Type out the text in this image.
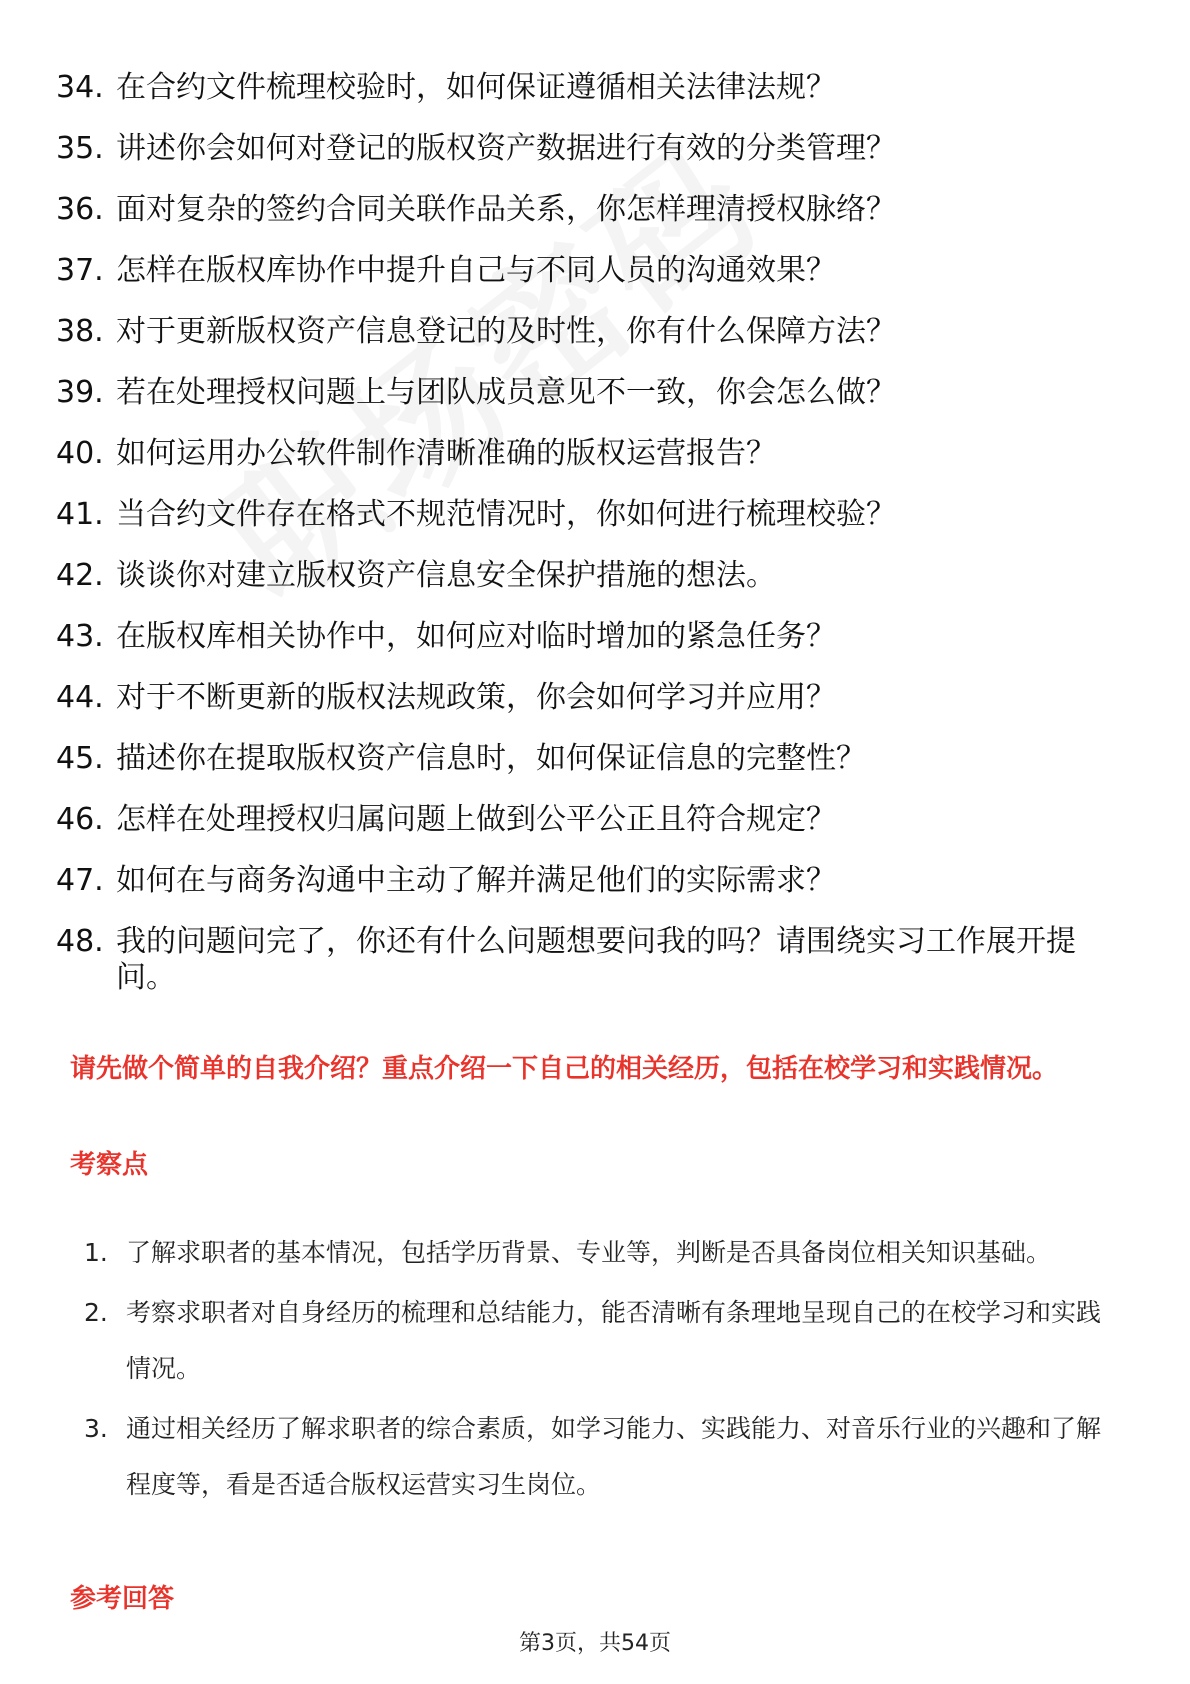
34. 在合约文件梳理校验时，如何保证遵循相关法律法规？
35. 讲述你会如何对登记的版权资产数据进行有效的分类管理？
36. 面对复杂的签约合同关联作品关系，你怎样理清授权脉络？
37. 怎样在版权库协作中提升自己与不同人员的沟通效果？
38. 对于更新版权资产信息登记的及时性，你有什么保障方法？
39. 若在处理授权问题上与团队成员意见不一致，你会怎么做？
40. 如何运用办公软件制作清晰准确的版权运营报告？
41. 当合约文件存在格式不规范情况时，你如何进行梳理校验？
42. 谈谈你对建立版权资产信息安全保护措施的想法。
43. 在版权库相关协作中，如何应对临时增加的紧急任务？
44. 对于不断更新的版权法规政策，你会如何学习并应用？
45. 描述你在提取版权资产信息时，如何保证信息的完整性？
46. 怎样在处理授权归属问题上做到公平公正且符合规定？
47. 如何在与商务沟通中主动了解并满足他们的实际需求？
48. 我的问题问完了，你还有什么问题想要问我的吗？请围绕实习工作展开提问。
请先做个简单的自我介绍？重点介绍一下自己的相关经历，包括在校学习和实践情况。
考察点
1. 了解求职者的基本情况，包括学历背景、专业等，判断是否具备岗位相关知识基础。
2. 考察求职者对自身经历的梳理和总结能力，能否清晰有条理地呈现自己的在校学习和实践情况。
3. 通过相关经历了解求职者的综合素质，如学习能力、实践能力、对音乐行业的兴趣和了解程度等，看是否适合版权运营实习生岗位。
参考回答
第3页，共54页
